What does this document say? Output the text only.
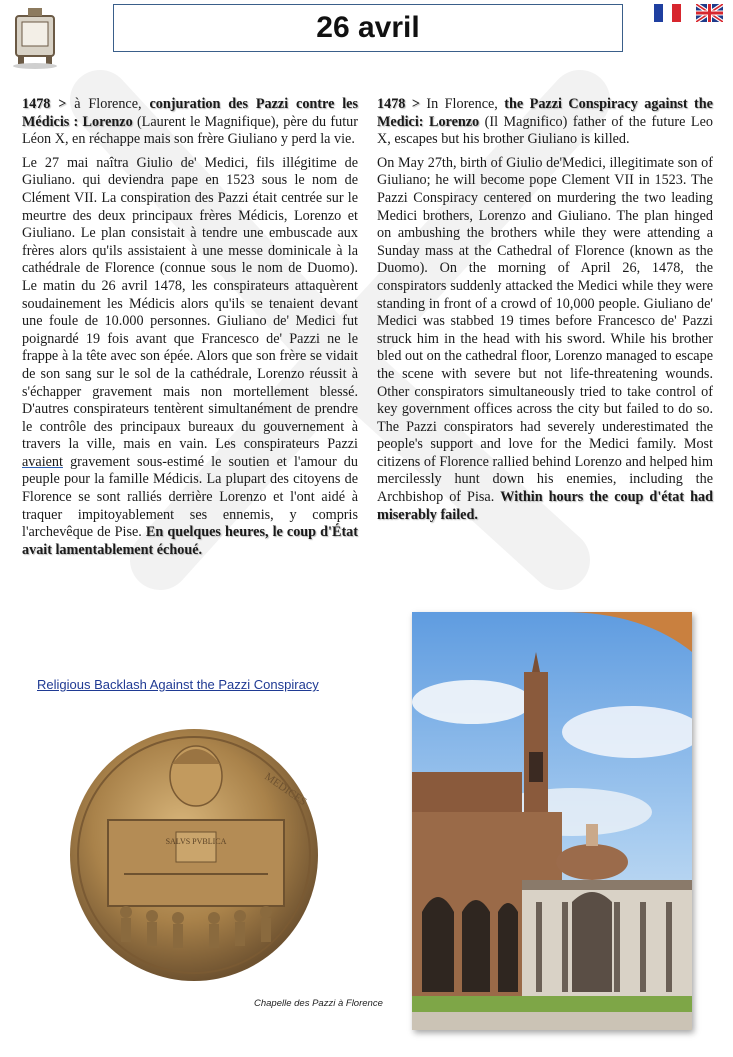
26 avril

1478 > à Florence, conjuration des Pazzi contre les Médicis : Lorenzo (Laurent le Magnifique), père du futur Léon X, en réchappe mais son frère Giuliano y perd la vie.

Le 27 mai naîtra Giulio de' Medici, fils illégitime de Giuliano. qui deviendra pape en 1523 sous le nom de Clément VII. La conspiration des Pazzi était centrée sur le meurtre des deux principaux frères Médicis, Lorenzo et Giuliano. Le plan consistait à tendre une embuscade aux frères alors qu'ils assistaient à une messe dominicale à la cathédrale de Florence (connue sous le nom de Duomo). Le matin du 26 avril 1478, les conspirateurs attaquèrent soudainement les Médicis alors qu'ils se tenaient devant une foule de 10.000 personnes. Giuliano de' Medici fut poignardé 19 fois avant que Francesco de' Pazzi ne le frappe à la tête avec son épée. Alors que son frère se vidait de son sang sur le sol de la cathédrale, Lorenzo réussit à s'échapper gravement mais non mortellement blessé. D'autres conspirateurs tentèrent simultanément de prendre le contrôle des principaux bureaux du gouvernement à travers la ville, mais en vain. Les conspirateurs Pazzi avaient gravement sous-estimé le soutien et l'amour du peuple pour la famille Médicis. La plupart des citoyens de Florence se sont ralliés derrière Lorenzo et l'ont aidé à traquer impitoyablement ses ennemis, y compris l'archevêque de Pise. En quelques heures, le coup d'État avait lamentablement échoué.

1478 > In Florence, the Pazzi Conspiracy against the Medici: Lorenzo (Il Magnifico) father of the future Leo X, escapes but his brother Giuliano is killed.

On May 27th, birth of Giulio de'Medici, illegitimate son of Giuliano; he will become pope Clement VII in 1523. The Pazzi Conspiracy centered on murdering the two leading Medici brothers, Lorenzo and Giuliano. The plan hinged on ambushing the brothers while they were attending a Sunday mass at the Cathedral of Florence (known as the Duomo). On the morning of April 26, 1478, the conspirators suddenly attacked the Medici while they were standing in front of a crowd of 10,000 people. Giuliano de' Medici was stabbed 19 times before Francesco de' Pazzi struck him in the head with his sword. While his brother bled out on the cathedral floor, Lorenzo managed to escape the scene with severe but not life-threatening wounds. Other conspirators simultaneously tried to take control of key government offices across the city but failed to do so. The Pazzi conspirators had severely underestimated the people's support and love for the Medici family. Most citizens of Florence rallied behind Lorenzo and helped him mercilessly hunt down his enemies, including the Archbishop of Pisa. Within hours the coup d'état had miserably failed.

Religious Backlash Against the Pazzi Conspiracy
SALVS PVBLICA
MEDICES
Chapelle des Pazzi à Florence
